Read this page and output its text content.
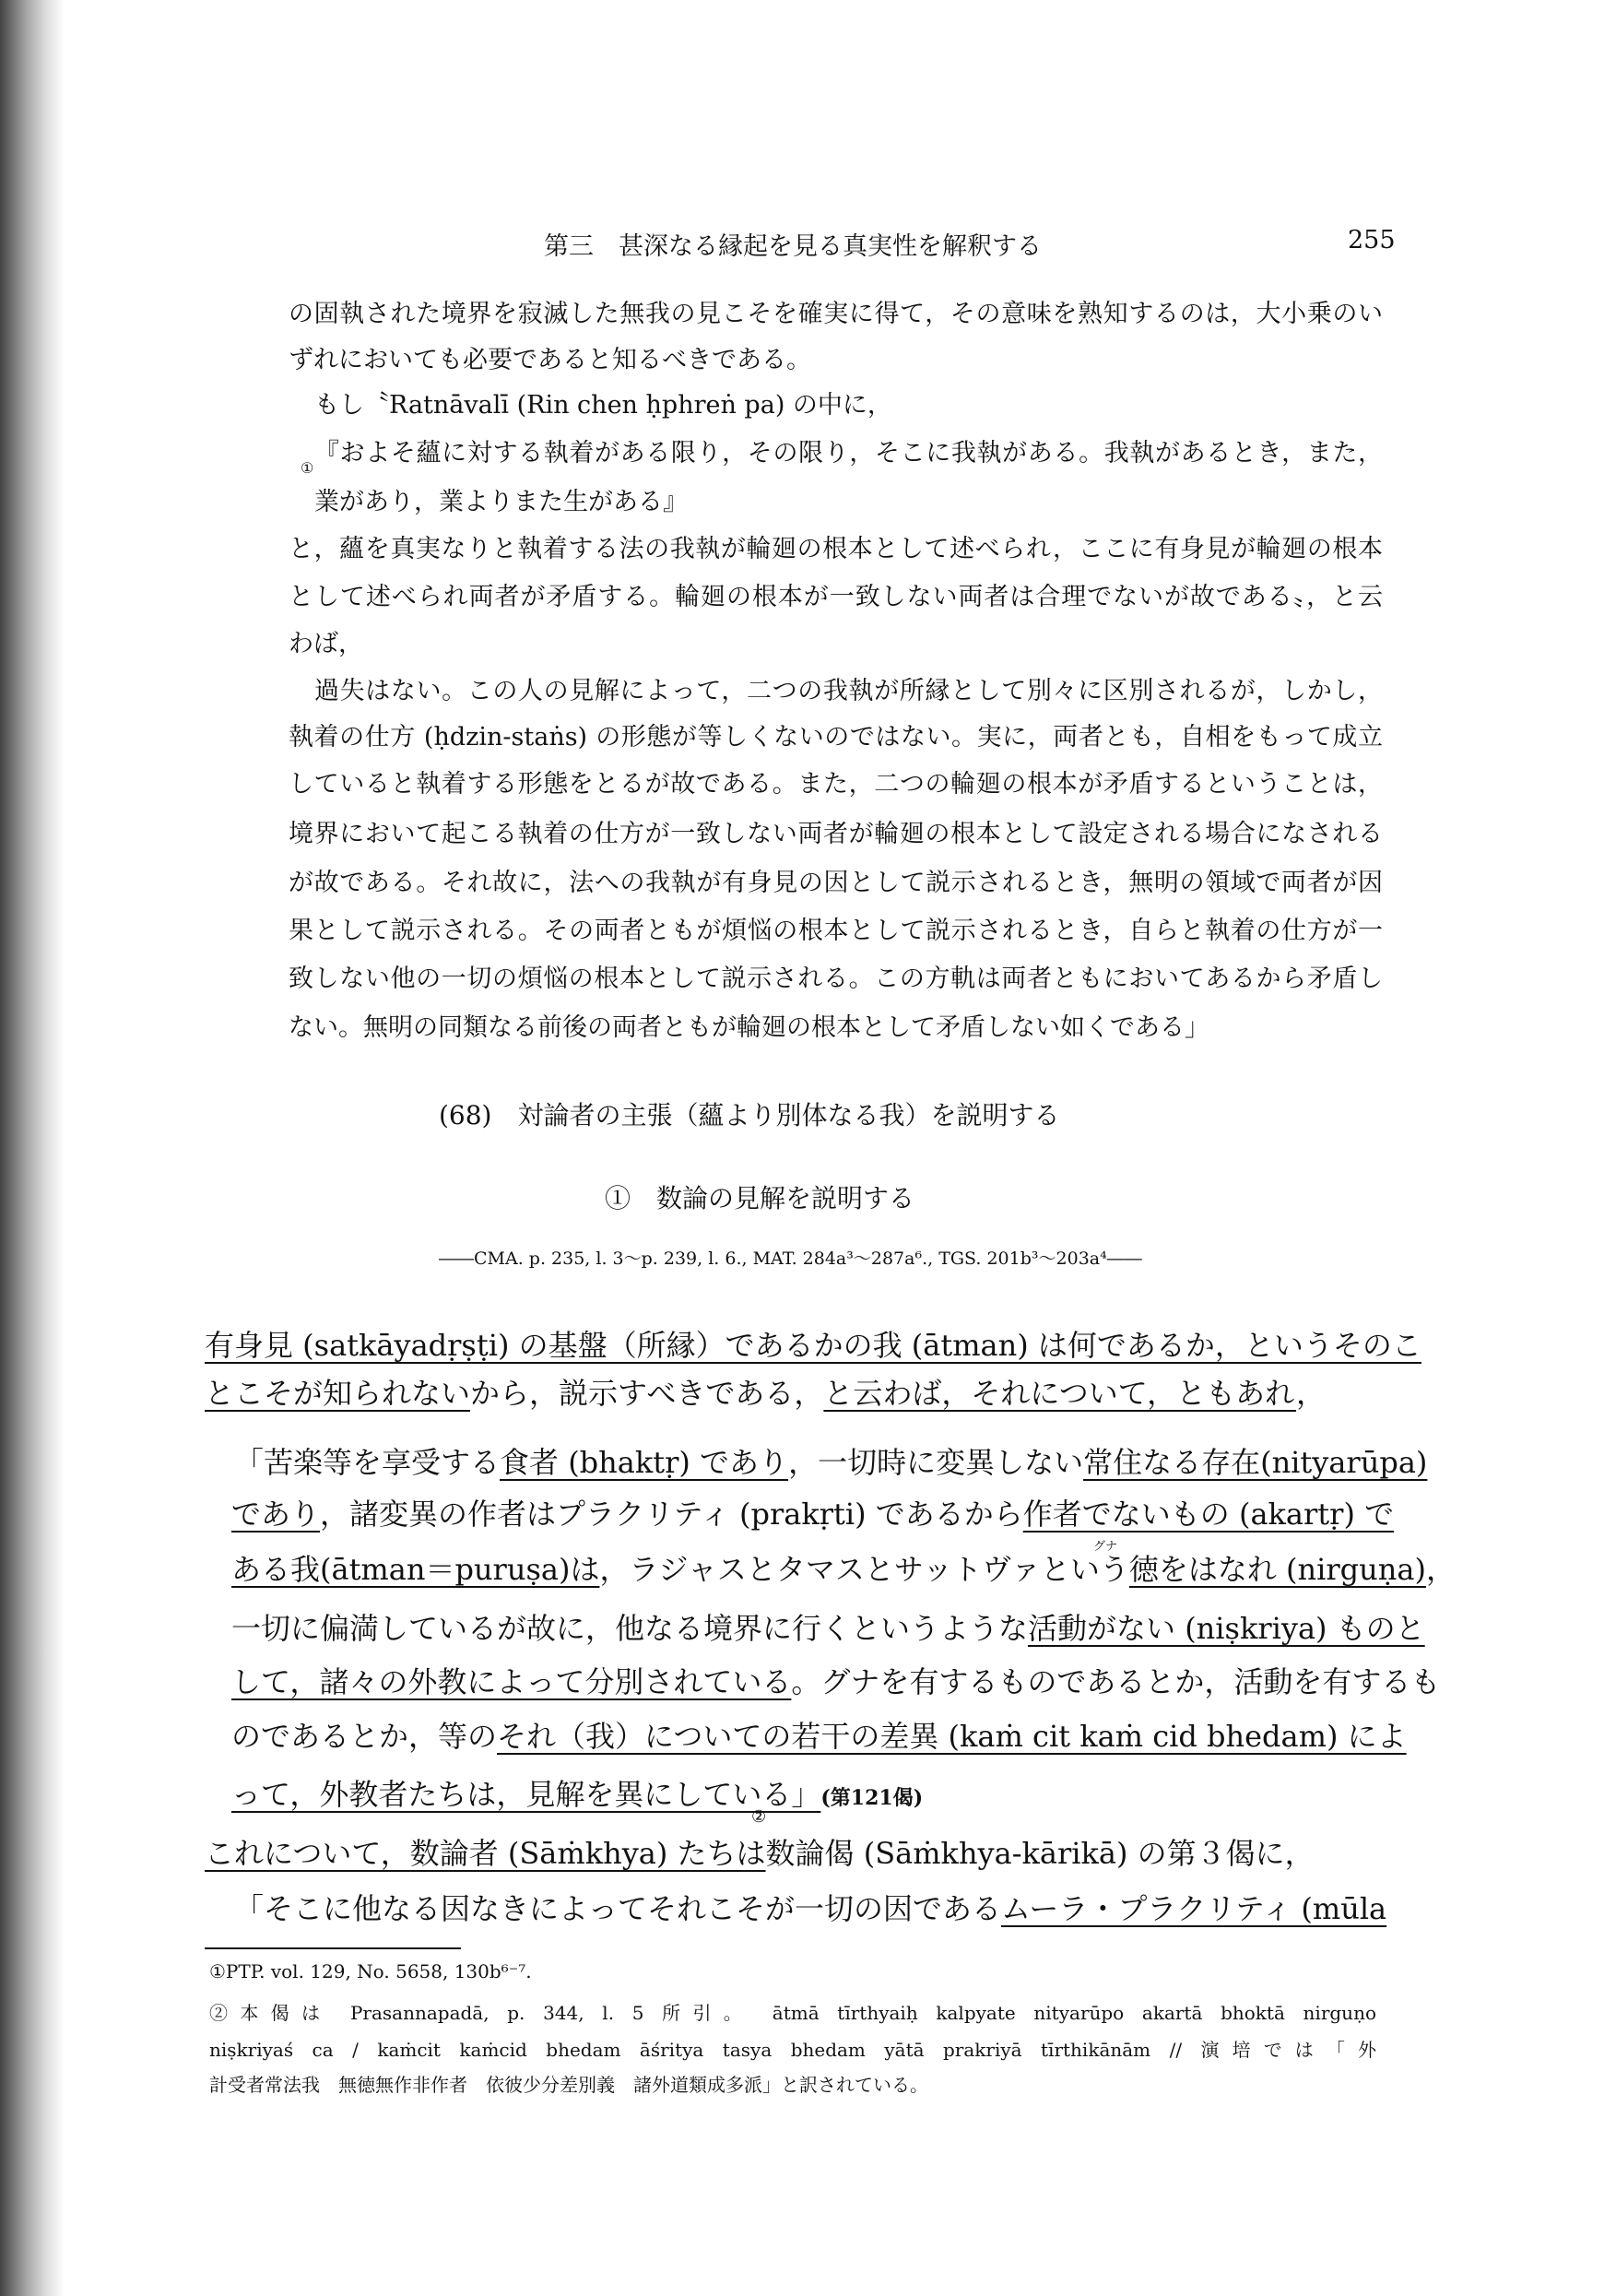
第三　甚深なる縁起を見る真実性を解釈する	255
の固執された境界を寂滅した無我の見こそを確実に得て，その意味を熟知するのは，大小乗のい
ずれにおいても必要であると知るべきである。
もし〝Ratnāvalī (Rin chen ḥphreṅ pa) の中に，
『およそ蘊に対する執着がある限り，その限り，そこに我執がある。我執があるとき，また，
業があり，業よりまた生がある』
と，蘊を真実なりと執着する法の我執が輪廻の根本として述べられ，ここに有身見が輪廻の根本
として述べられ両者が矛盾する。輪廻の根本が一致しない両者は合理でないが故である〟，と云
わば，
過失はない。この人の見解によって，二つの我執が所縁として別々に区別されるが，しかし，
執着の仕方 (ḥdzin-staṅs) の形態が等しくないのではない。実に，両者とも，自相をもって成立
していると執着する形態をとるが故である。また，二つの輪廻の根本が矛盾するということは，
境界において起こる執着の仕方が一致しない両者が輪廻の根本として設定される場合になされる
が故である。それ故に，法への我執が有身見の因として説示されるとき，無明の領域で両者が因
果として説示される。その両者ともが煩悩の根本として説示されるとき，自らと執着の仕方が一
致しない他の一切の煩悩の根本として説示される。この方軌は両者ともにおいてあるから矛盾し
ない。無明の同類なる前後の両者ともが輪廻の根本として矛盾しない如くである」
①
(68)　対論者の主張（蘊より別体なる我）を説明する
①　数論の見解を説明する
――CMA. p. 235, l. 3～p. 239, l. 6., MAT. 284a³～287a⁶., TGS. 201b³～203a⁴――
有身見 (satkāyadṛṣṭi) の基盤（所縁）であるかの我 (ātman) は何であるか，というそのこ
とこそが知られないから，説示すべきである，と云わば，それについて，ともあれ，
「苦楽等を享受する食者 (bhaktṛ) であり，一切時に変異しない常住なる存在(nityarūpa)
であり，諸変異の作者はプラクリティ (prakṛti) であるから作者でないもの (akartṛ) で
ある我(ātman＝puruṣa)は，ラジャスとタマスとサットヴァという徳をはなれ (nirguṇa)，
一切に偏満しているが故に，他なる境界に行くというような活動がない (niṣkriya) ものと
して，諸々の外教によって分別されている。グナを有するものであるとか，活動を有するも
のであるとか，等のそれ（我）についての若干の差異 (kaṁ cit kaṁ cid bhedam) によ
って，外教者たちは，見解を異にしている」(第121偈)
これについて，数論者 (Sāṁkhya) たちは数論偈 (Sāṁkhya-kārikā) の第３偈に，
「そこに他なる因なきによってそれこそが一切の因であるムーラ・プラクリティ (mūla
グナ
②
①PTP. vol. 129, No. 5658, 130b⁶⁻⁷.
②本偈は Prasannapadā, p. 344, l. 5 所引。 ātmā tīrthyaiḥ kalpyate nityarūpo akartā bhoktā nirguṇo
niṣkriyaś ca / kaṁcit kaṁcid bhedam āśritya tasya bhedam yātā prakriyā tīrthikānām // 演培では「外
計受者常法我　無徳無作非作者　依彼少分差別義　諸外道類成多派」と訳されている。
